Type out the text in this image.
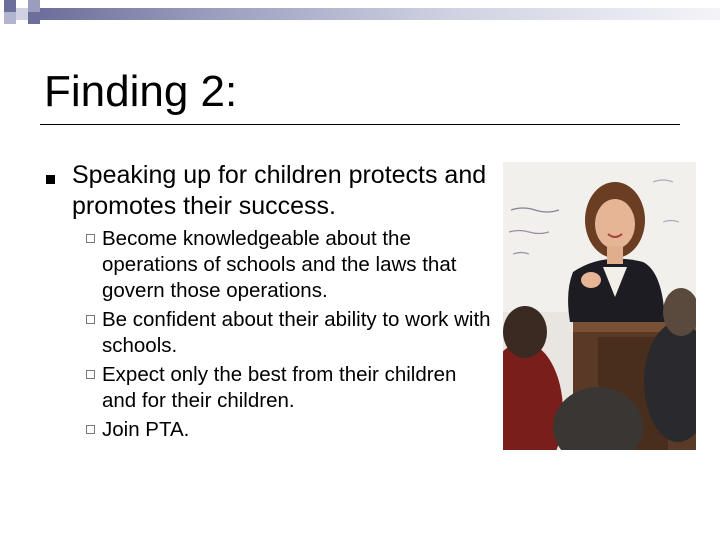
Finding 2:

Speaking up for children protects and promotes their success.

Become knowledgeable about the operations of schools and the laws that govern those operations.
Be confident about their ability to work with schools.
Expect only the best from their children and for their children.
Join PTA.
